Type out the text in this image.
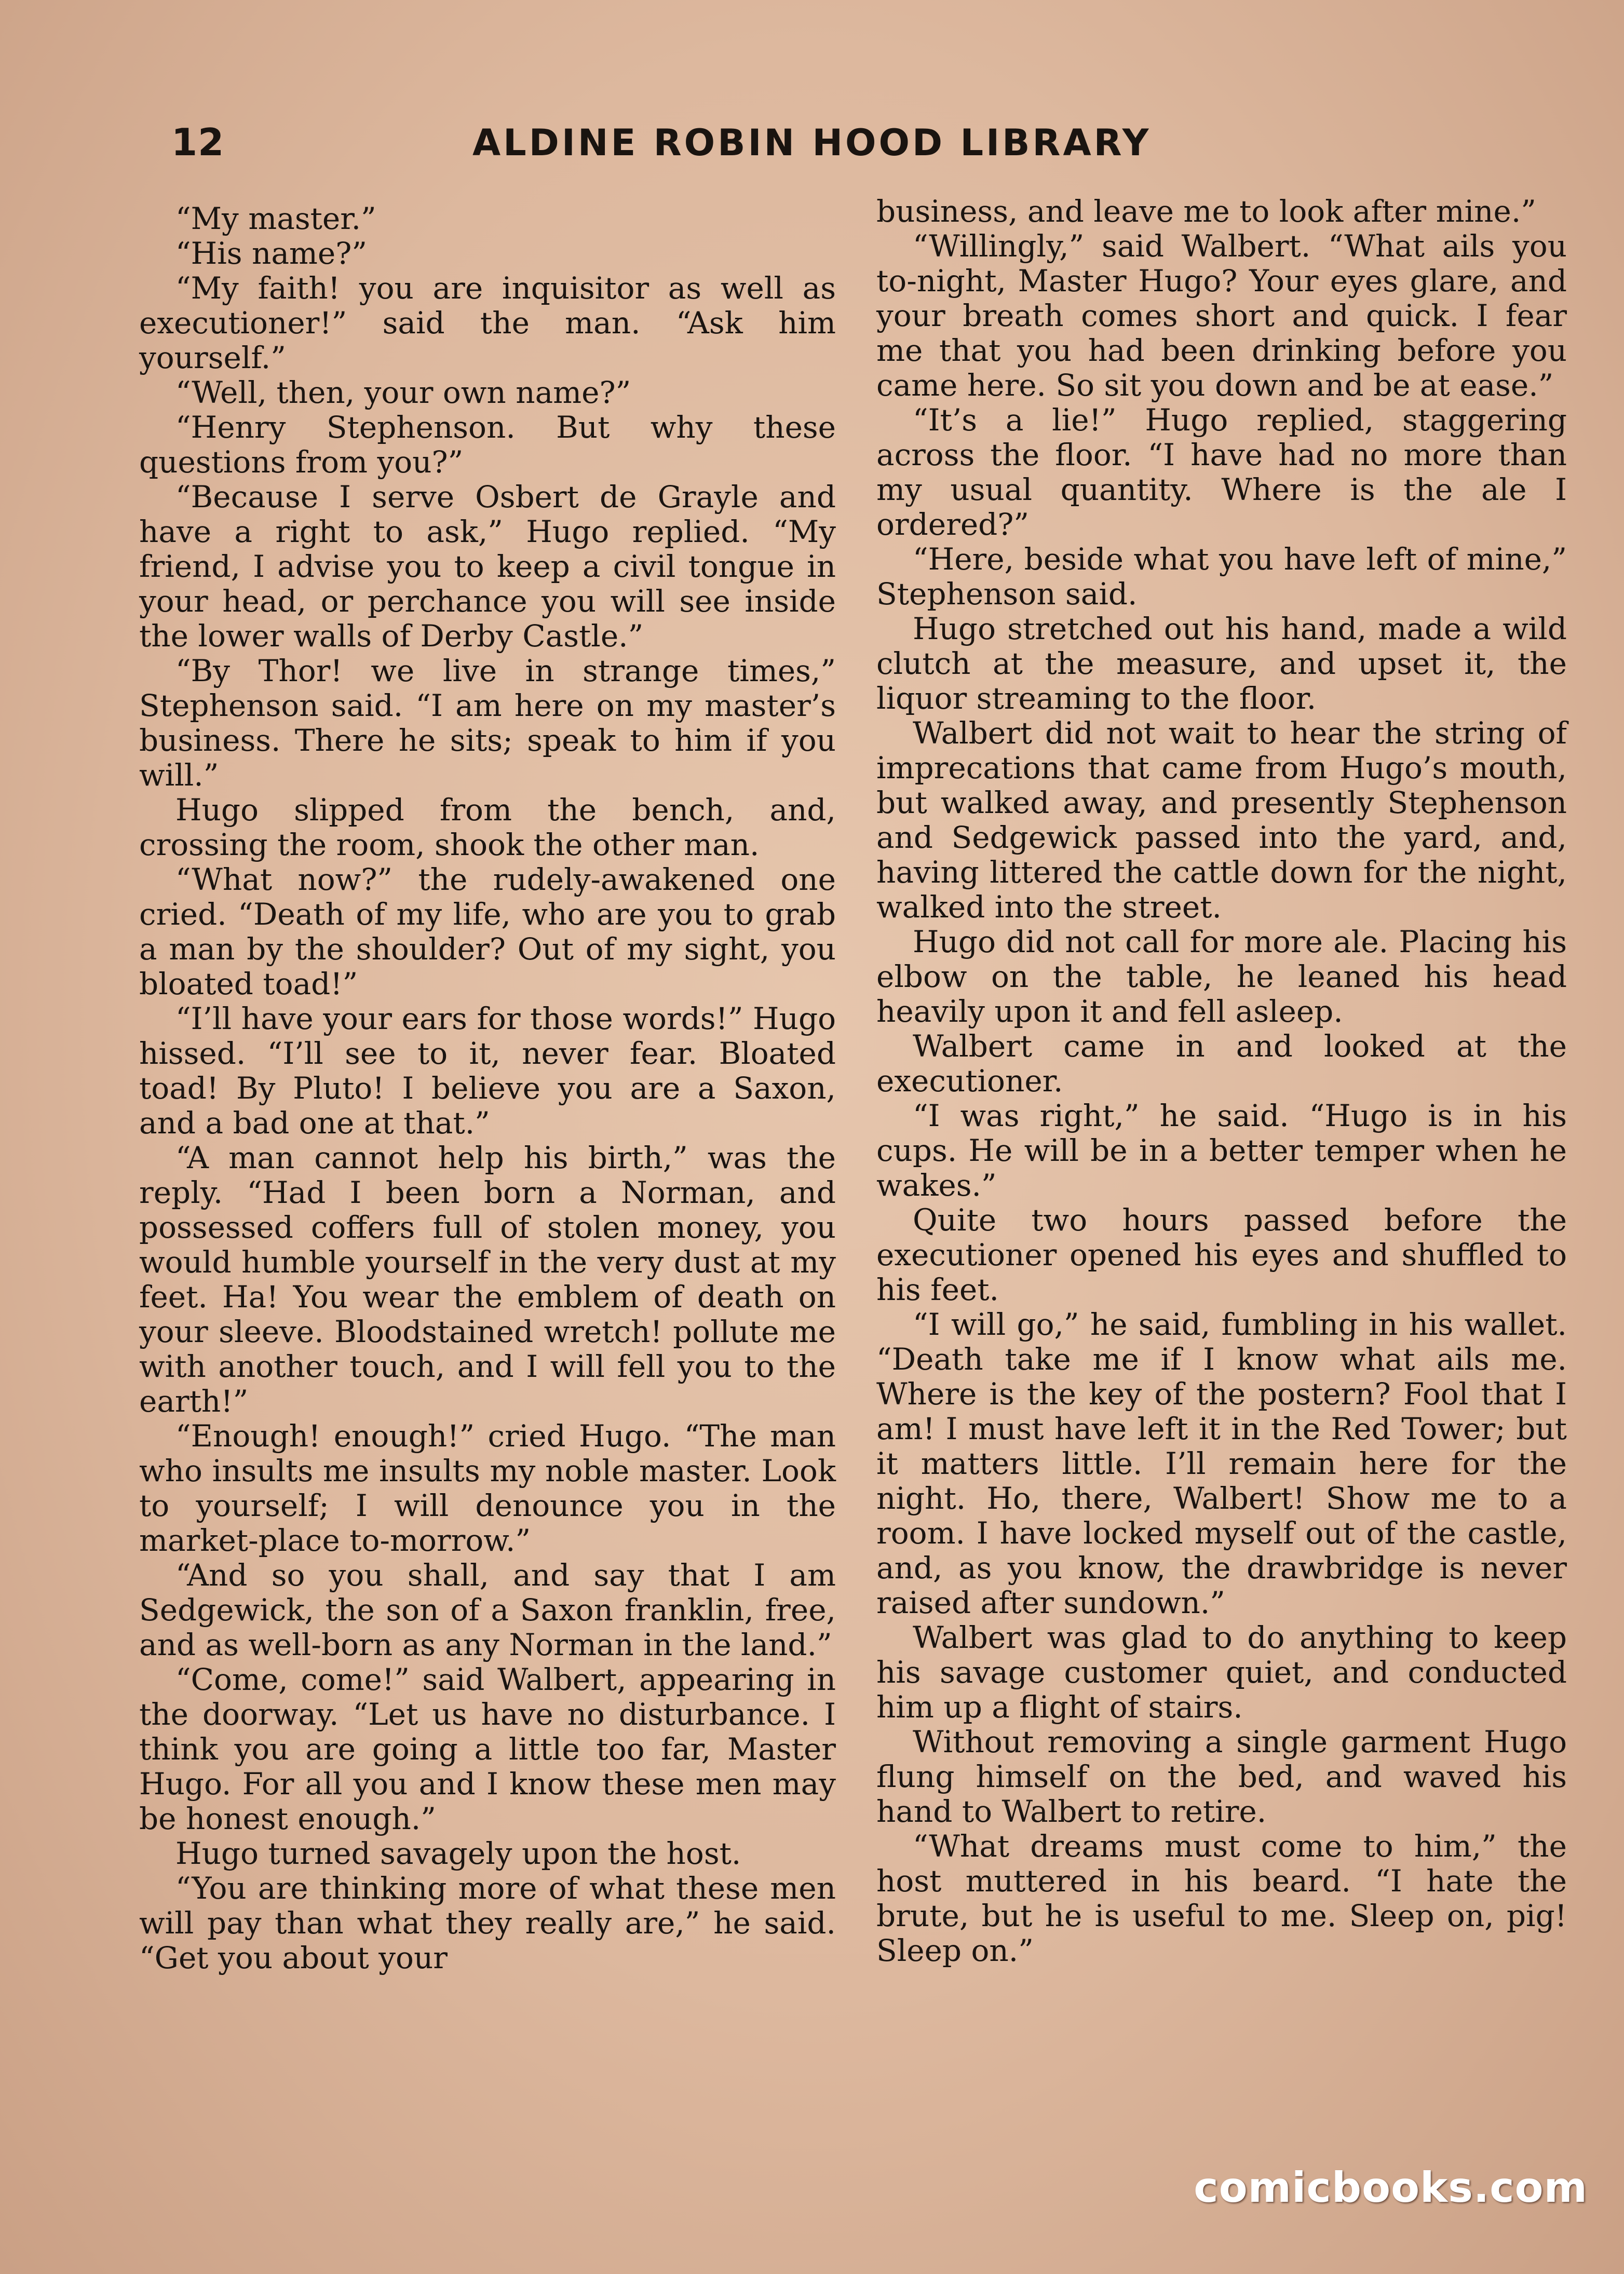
12	ALDINE ROBIN HOOD LIBRARY

“My master.”

“His name?”

“My faith! you are inquisitor as well as executioner!” said the man. “Ask him yourself.”

“Well, then, your own name?”

“Henry Stephenson. But why these questions from you?”

“Because I serve Osbert de Grayle and have a right to ask,” Hugo replied. “My friend, I advise you to keep a civil tongue in your head, or perchance you will see inside the lower walls of Derby Castle.”

“By Thor! we live in strange times,” Stephenson said. “I am here on my master’s business. There he sits; speak to him if you will.”

Hugo slipped from the bench, and, crossing the room, shook the other man.

“What now?” the rudely-awakened one cried. “Death of my life, who are you to grab a man by the shoulder? Out of my sight, you bloated toad!”

“I’ll have your ears for those words!” Hugo hissed. “I’ll see to it, never fear. Bloated toad! By Pluto! I believe you are a Saxon, and a bad one at that.”

“A man cannot help his birth,” was the reply. “Had I been born a Norman, and possessed coffers full of stolen money, you would humble yourself in the very dust at my feet. Ha! You wear the emblem of death on your sleeve. Bloodstained wretch! pollute me with another touch, and I will fell you to the earth!”

“Enough! enough!” cried Hugo. “The man who insults me insults my noble master. Look to yourself; I will denounce you in the market-place to-morrow.”

“And so you shall, and say that I am Sedgewick, the son of a Saxon franklin, free, and as well-born as any Norman in the land.”

“Come, come!” said Walbert, appearing in the doorway. “Let us have no disturbance. I think you are going a little too far, Master Hugo. For all you and I know these men may be honest enough.”

Hugo turned savagely upon the host.

“You are thinking more of what these men will pay than what they really are,” he said. “Get you about your

business, and leave me to look after mine.”

“Willingly,” said Walbert. “What ails you to-night, Master Hugo? Your eyes glare, and your breath comes short and quick. I fear me that you had been drinking before you came here. So sit you down and be at ease.”

“It’s a lie!” Hugo replied, staggering across the floor. “I have had no more than my usual quantity. Where is the ale I ordered?”

“Here, beside what you have left of mine,” Stephenson said.

Hugo stretched out his hand, made a wild clutch at the measure, and upset it, the liquor streaming to the floor.

Walbert did not wait to hear the string of imprecations that came from Hugo’s mouth, but walked away, and presently Stephenson and Sedgewick passed into the yard, and, having littered the cattle down for the night, walked into the street.

Hugo did not call for more ale. Placing his elbow on the table, he leaned his head heavily upon it and fell asleep.

Walbert came in and looked at the executioner.

“I was right,” he said. “Hugo is in his cups. He will be in a better temper when he wakes.”

Quite two hours passed before the executioner opened his eyes and shuffled to his feet.

“I will go,” he said, fumbling in his wallet. “Death take me if I know what ails me. Where is the key of the postern? Fool that I am! I must have left it in the Red Tower; but it matters little. I’ll remain here for the night. Ho, there, Walbert! Show me to a room. I have locked myself out of the castle, and, as you know, the drawbridge is never raised after sundown.”

Walbert was glad to do anything to keep his savage customer quiet, and conducted him up a flight of stairs.

Without removing a single garment Hugo flung himself on the bed, and waved his hand to Walbert to retire.

“What dreams must come to him,” the host muttered in his beard. “I hate the brute, but he is useful to me. Sleep on, pig! Sleep on.”

comicbooks.com
